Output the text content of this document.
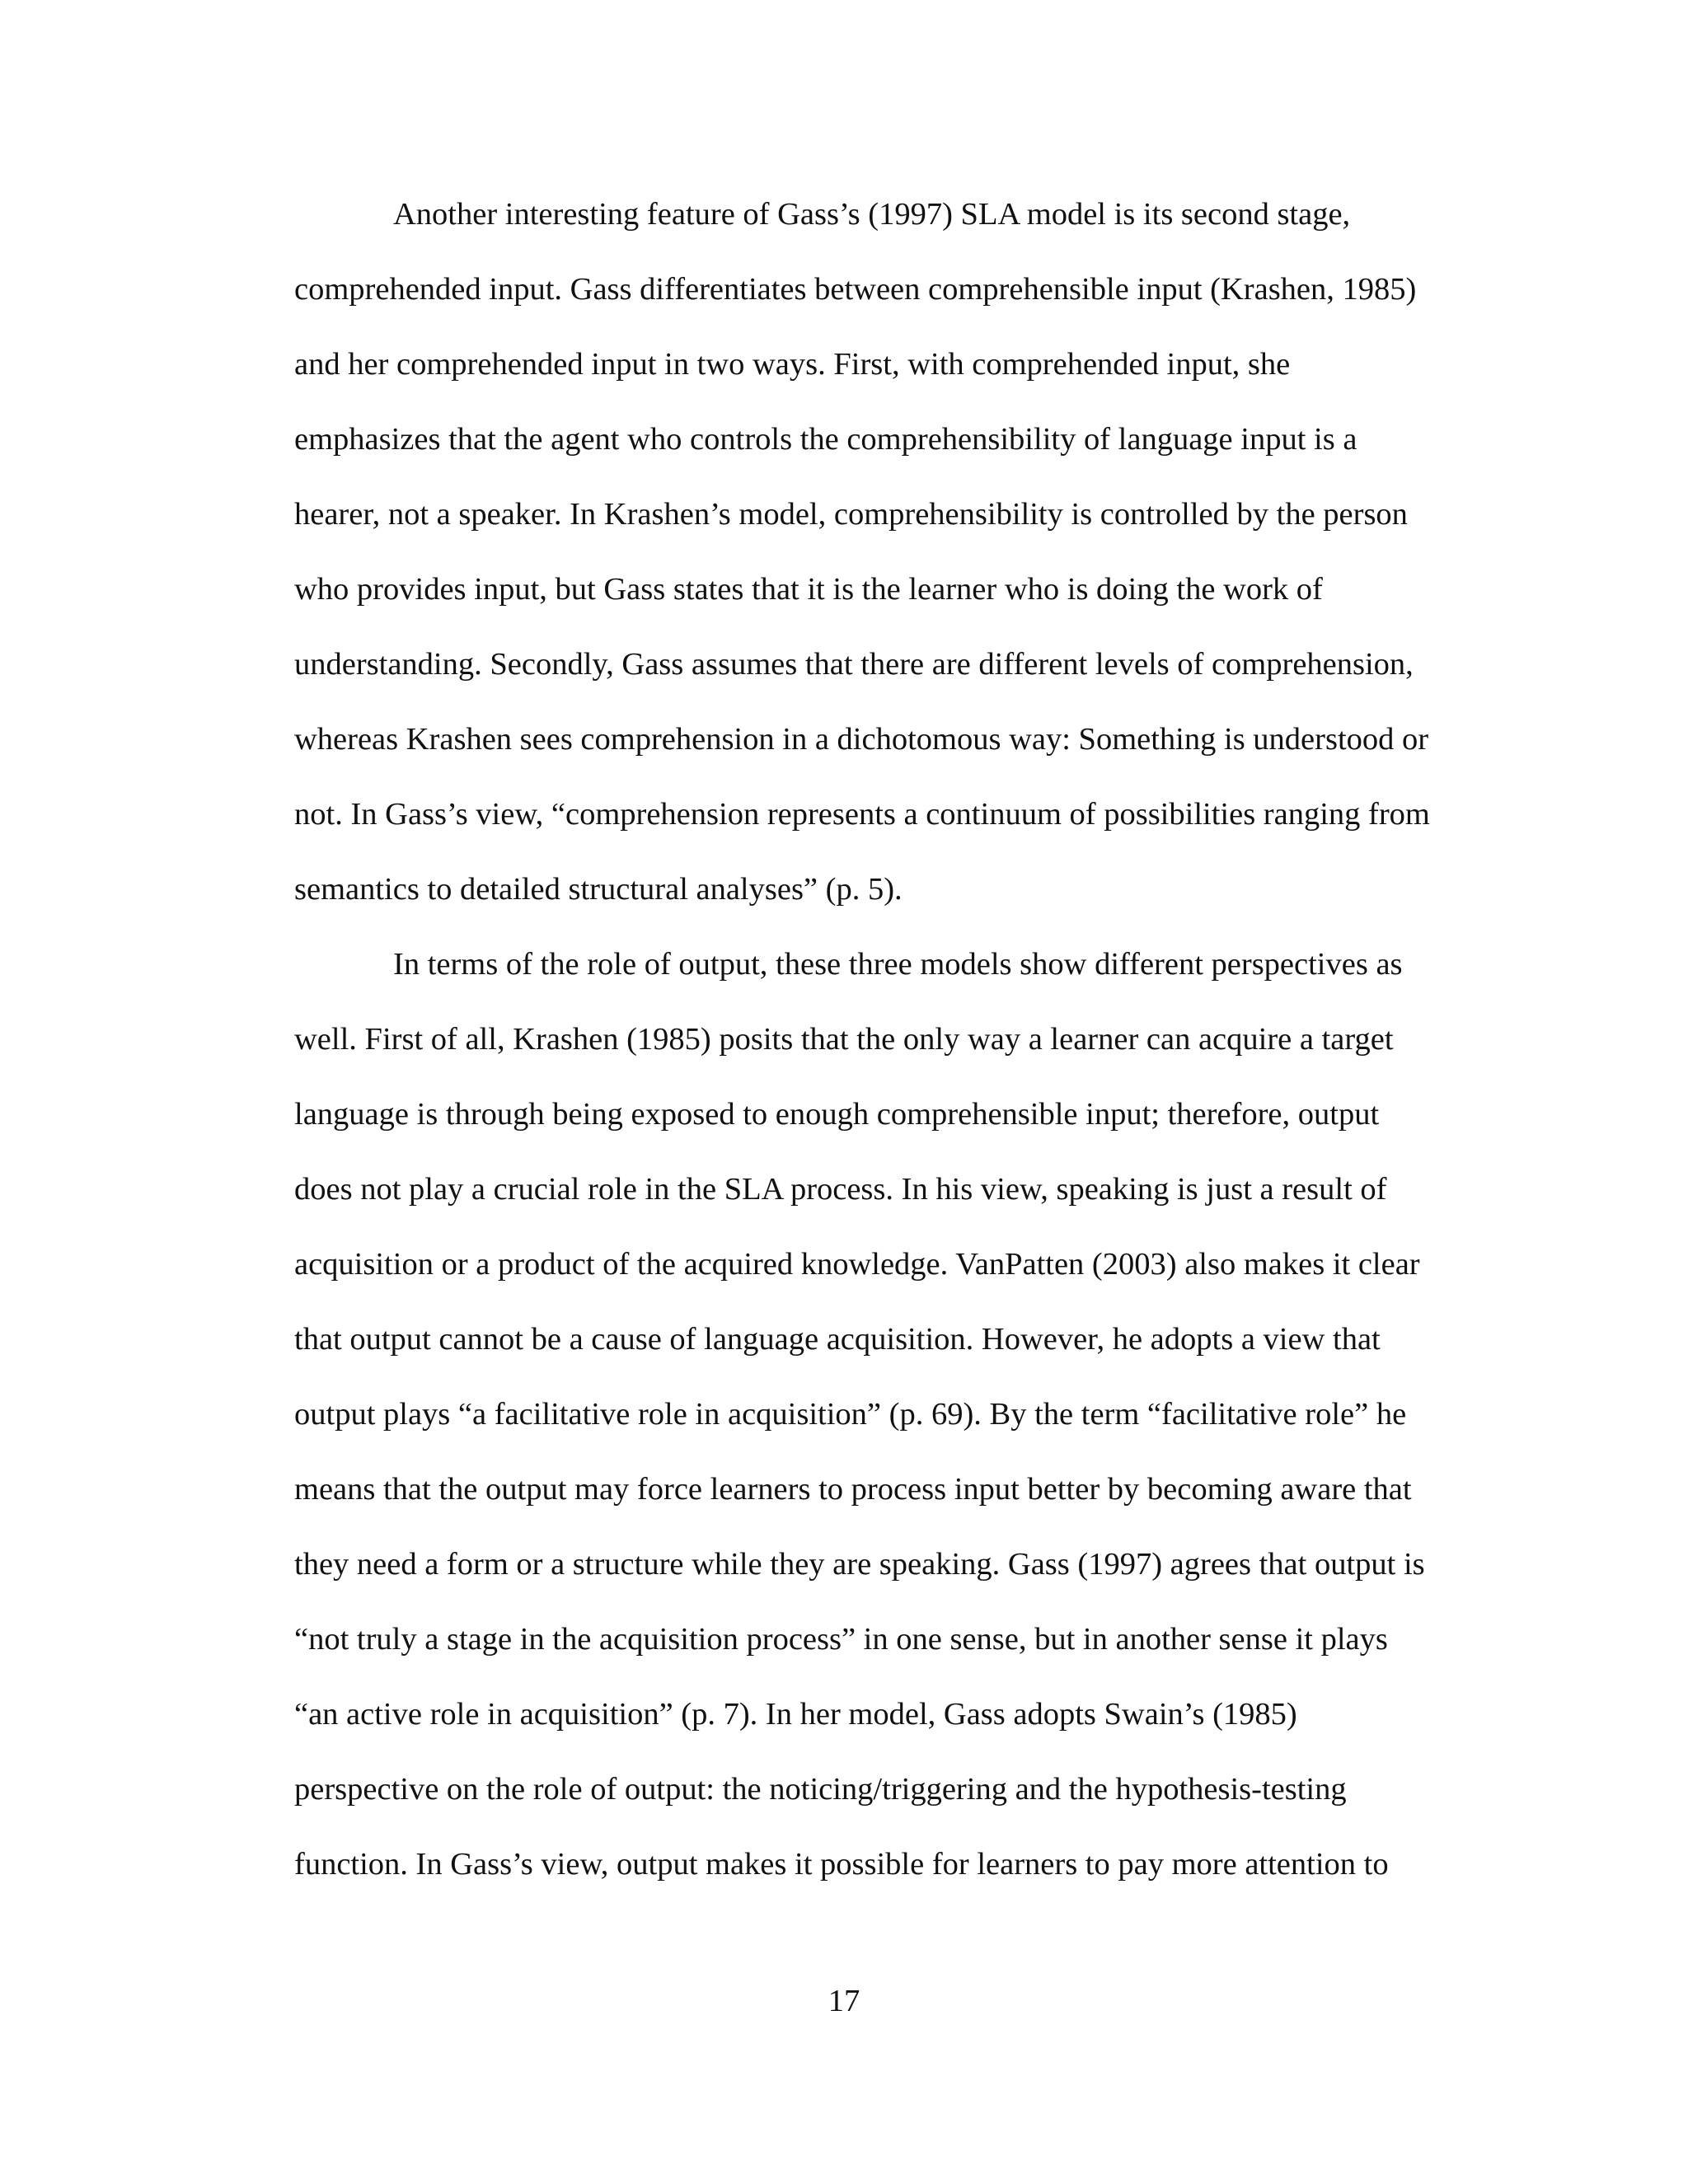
Another interesting feature of Gass’s (1997) SLA model is its second stage,
comprehended input. Gass differentiates between comprehensible input (Krashen, 1985)
and her comprehended input in two ways. First, with comprehended input, she
emphasizes that the agent who controls the comprehensibility of language input is a
hearer, not a speaker. In Krashen’s model, comprehensibility is controlled by the person
who provides input, but Gass states that it is the learner who is doing the work of
understanding. Secondly, Gass assumes that there are different levels of comprehension,
whereas Krashen sees comprehension in a dichotomous way: Something is understood or
not. In Gass’s view, “comprehension represents a continuum of possibilities ranging from
semantics to detailed structural analyses” (p. 5).
In terms of the role of output, these three models show different perspectives as
well. First of all, Krashen (1985) posits that the only way a learner can acquire a target
language is through being exposed to enough comprehensible input; therefore, output
does not play a crucial role in the SLA process. In his view, speaking is just a result of
acquisition or a product of the acquired knowledge. VanPatten (2003) also makes it clear
that output cannot be a cause of language acquisition. However, he adopts a view that
output plays “a facilitative role in acquisition” (p. 69). By the term “facilitative role” he
means that the output may force learners to process input better by becoming aware that
they need a form or a structure while they are speaking. Gass (1997) agrees that output is
“not truly a stage in the acquisition process” in one sense, but in another sense it plays
“an active role in acquisition” (p. 7). In her model, Gass adopts Swain’s (1985)
perspective on the role of output: the noticing/triggering and the hypothesis-testing
function. In Gass’s view, output makes it possible for learners to pay more attention to
17
